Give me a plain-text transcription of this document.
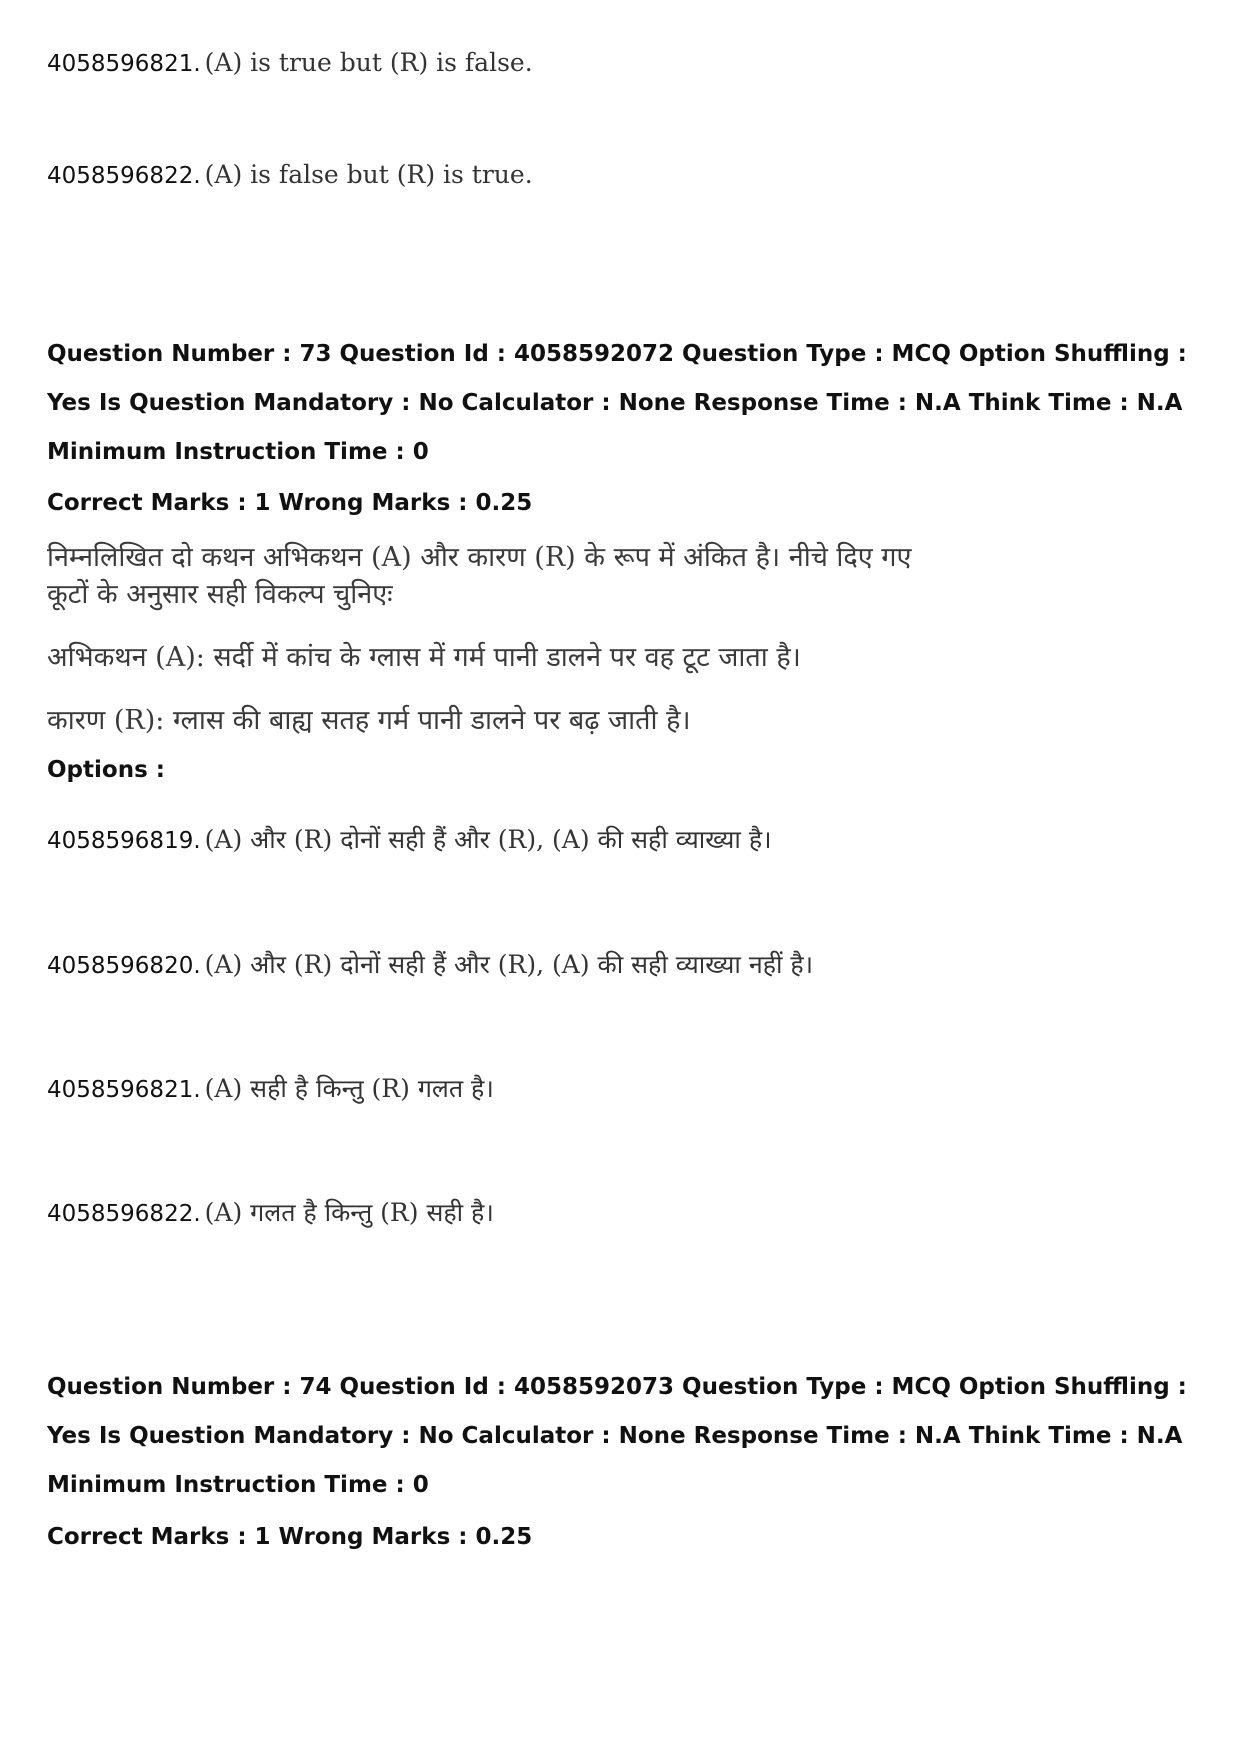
4058596821. (A) is true but (R) is false.
4058596822. (A) is false but (R) is true.
Question Number : 73 Question Id : 4058592072 Question Type : MCQ Option Shuffling : Yes Is Question Mandatory : No Calculator : None Response Time : N.A Think Time : N.A Minimum Instruction Time : 0
Correct Marks : 1 Wrong Marks : 0.25

निम्नलिखित दो कथन अभिकथन (A) और कारण (R) के रूप में अंकित है। नीचे दिए गए

कूटों के अनुसार सही विकल्प चुनिएः

अभिकथन (A): सर्दी में कांच के ग्लास में गर्म पानी डालने पर वह टूट जाता है।
कारण (R): ग्लास की बाह्य सतह गर्म पानी डालने पर बढ़ जाती है।
Options :
4058596819. (A) और (R) दोनों सही हैं और (R), (A) की सही व्याख्या है।
4058596820. (A) और (R) दोनों सही हैं और (R), (A) की सही व्याख्या नहीं है।
4058596821. (A) सही है किन्तु (R) गलत है।
4058596822. (A) गलत है किन्तु (R) सही है।
Question Number : 74 Question Id : 4058592073 Question Type : MCQ Option Shuffling : Yes Is Question Mandatory : No Calculator : None Response Time : N.A Think Time : N.A Minimum Instruction Time : 0
Correct Marks : 1 Wrong Marks : 0.25
